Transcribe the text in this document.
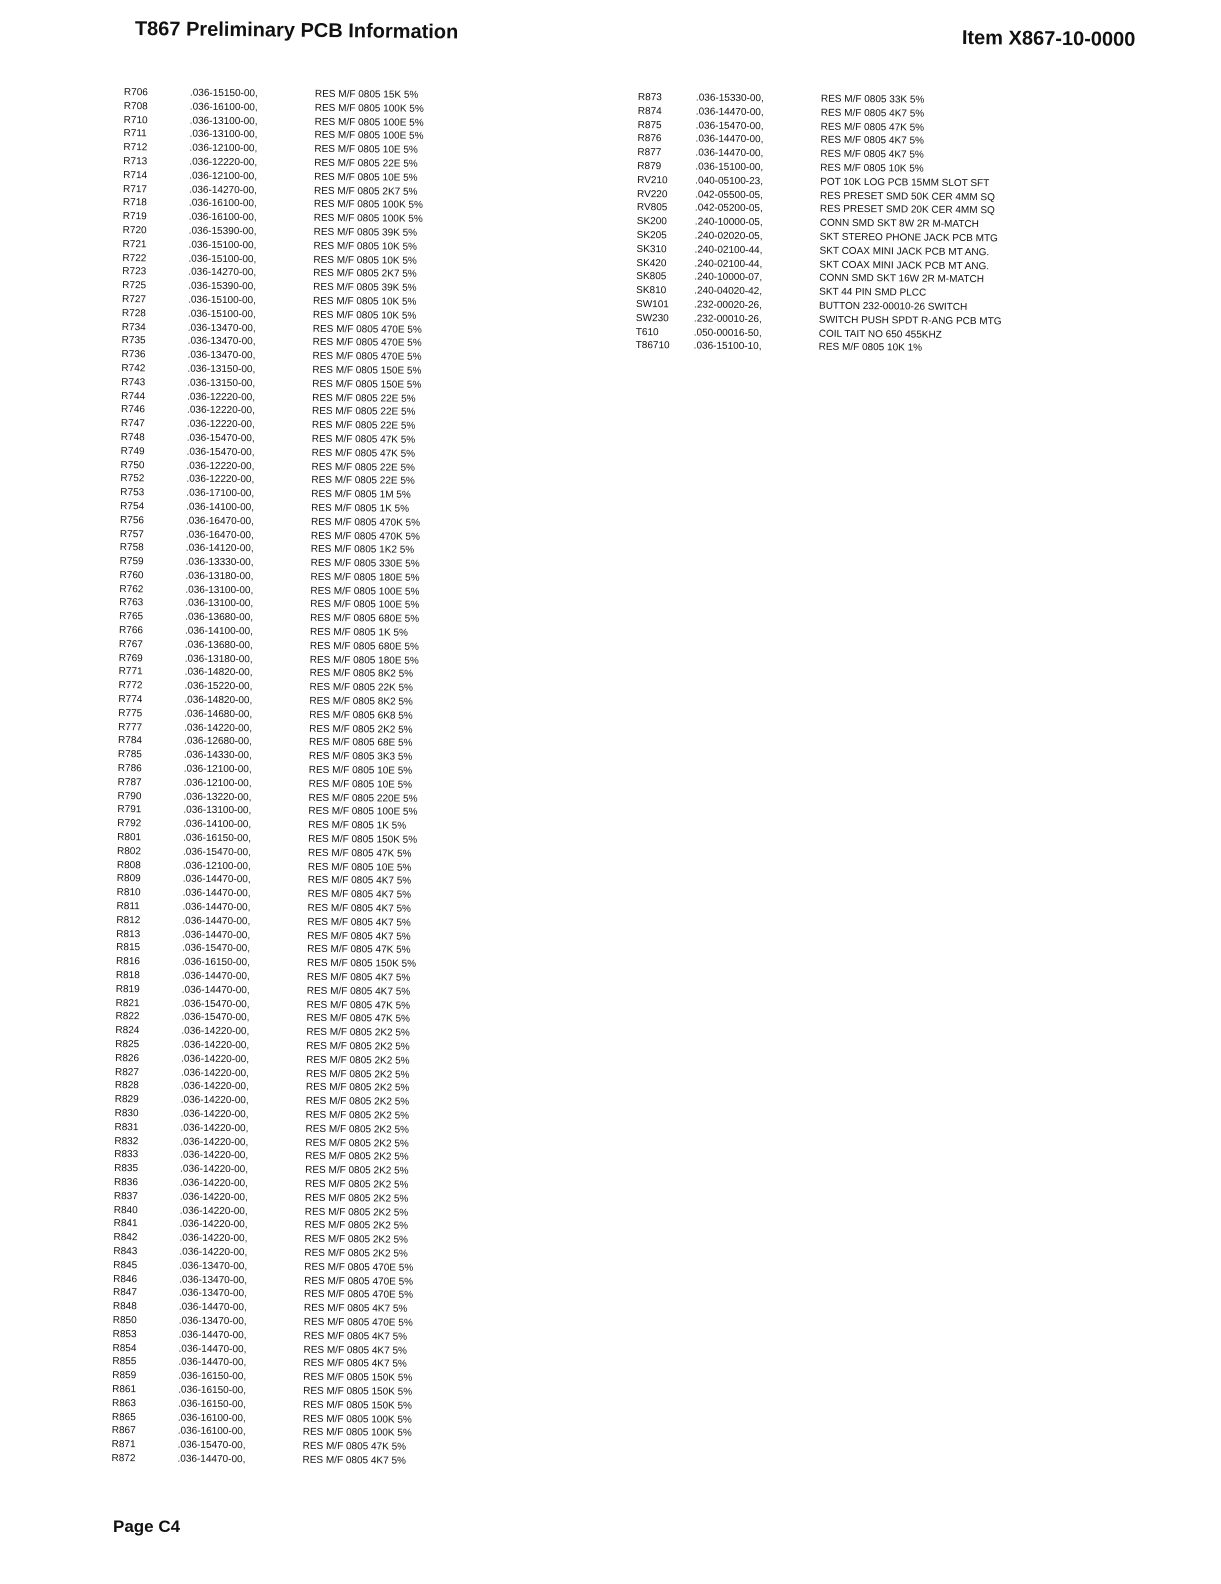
T867 Preliminary PCB Information	Item X867-10-0000
R706	.036-15150-00,	RES M/F 0805 15K 5%
R708	.036-16100-00,	RES M/F 0805 100K 5%
R710	.036-13100-00,	RES M/F 0805 100E 5%
R711	.036-13100-00,	RES M/F 0805 100E 5%
R712	.036-12100-00,	RES M/F 0805 10E 5%
R713	.036-12220-00,	RES M/F 0805 22E 5%
R714	.036-12100-00,	RES M/F 0805 10E 5%
R717	.036-14270-00,	RES M/F 0805 2K7 5%
R718	.036-16100-00,	RES M/F 0805 100K 5%
R719	.036-16100-00,	RES M/F 0805 100K 5%
R720	.036-15390-00,	RES M/F 0805 39K 5%
R721	.036-15100-00,	RES M/F 0805 10K 5%
R722	.036-15100-00,	RES M/F 0805 10K 5%
R723	.036-14270-00,	RES M/F 0805 2K7 5%
R725	.036-15390-00,	RES M/F 0805 39K 5%
R727	.036-15100-00,	RES M/F 0805 10K 5%
R728	.036-15100-00,	RES M/F 0805 10K 5%
R734	.036-13470-00,	RES M/F 0805 470E 5%
R735	.036-13470-00,	RES M/F 0805 470E 5%
R736	.036-13470-00,	RES M/F 0805 470E 5%
R742	.036-13150-00,	RES M/F 0805 150E 5%
R743	.036-13150-00,	RES M/F 0805 150E 5%
R744	.036-12220-00,	RES M/F 0805 22E 5%
R746	.036-12220-00,	RES M/F 0805 22E 5%
R747	.036-12220-00,	RES M/F 0805 22E 5%
R748	.036-15470-00,	RES M/F 0805 47K 5%
R749	.036-15470-00,	RES M/F 0805 47K 5%
R750	.036-12220-00,	RES M/F 0805 22E 5%
R752	.036-12220-00,	RES M/F 0805 22E 5%
R753	.036-17100-00,	RES M/F 0805 1M 5%
R754	.036-14100-00,	RES M/F 0805 1K 5%
R756	.036-16470-00,	RES M/F 0805 470K 5%
R757	.036-16470-00,	RES M/F 0805 470K 5%
R758	.036-14120-00,	RES M/F 0805 1K2 5%
R759	.036-13330-00,	RES M/F 0805 330E 5%
R760	.036-13180-00,	RES M/F 0805 180E 5%
R762	.036-13100-00,	RES M/F 0805 100E 5%
R763	.036-13100-00,	RES M/F 0805 100E 5%
R765	.036-13680-00,	RES M/F 0805 680E 5%
R766	.036-14100-00,	RES M/F 0805 1K 5%
R767	.036-13680-00,	RES M/F 0805 680E 5%
R769	.036-13180-00,	RES M/F 0805 180E 5%
R771	.036-14820-00,	RES M/F 0805 8K2 5%
R772	.036-15220-00,	RES M/F 0805 22K 5%
R774	.036-14820-00,	RES M/F 0805 8K2 5%
R775	.036-14680-00,	RES M/F 0805 6K8 5%
R777	.036-14220-00,	RES M/F 0805 2K2 5%
R784	.036-12680-00,	RES M/F 0805 68E 5%
R785	.036-14330-00,	RES M/F 0805 3K3 5%
R786	.036-12100-00,	RES M/F 0805 10E 5%
R787	.036-12100-00,	RES M/F 0805 10E 5%
R790	.036-13220-00,	RES M/F 0805 220E 5%
R791	.036-13100-00,	RES M/F 0805 100E 5%
R792	.036-14100-00,	RES M/F 0805 1K 5%
R801	.036-16150-00,	RES M/F 0805 150K 5%
R802	.036-15470-00,	RES M/F 0805 47K 5%
R808	.036-12100-00,	RES M/F 0805 10E 5%
R809	.036-14470-00,	RES M/F 0805 4K7 5%
R810	.036-14470-00,	RES M/F 0805 4K7 5%
R811	.036-14470-00,	RES M/F 0805 4K7 5%
R812	.036-14470-00,	RES M/F 0805 4K7 5%
R813	.036-14470-00,	RES M/F 0805 4K7 5%
R815	.036-15470-00,	RES M/F 0805 47K 5%
R816	.036-16150-00,	RES M/F 0805 150K 5%
R818	.036-14470-00,	RES M/F 0805 4K7 5%
R819	.036-14470-00,	RES M/F 0805 4K7 5%
R821	.036-15470-00,	RES M/F 0805 47K 5%
R822	.036-15470-00,	RES M/F 0805 47K 5%
R824	.036-14220-00,	RES M/F 0805 2K2 5%
R825	.036-14220-00,	RES M/F 0805 2K2 5%
R826	.036-14220-00,	RES M/F 0805 2K2 5%
R827	.036-14220-00,	RES M/F 0805 2K2 5%
R828	.036-14220-00,	RES M/F 0805 2K2 5%
R829	.036-14220-00,	RES M/F 0805 2K2 5%
R830	.036-14220-00,	RES M/F 0805 2K2 5%
R831	.036-14220-00,	RES M/F 0805 2K2 5%
R832	.036-14220-00,	RES M/F 0805 2K2 5%
R833	.036-14220-00,	RES M/F 0805 2K2 5%
R835	.036-14220-00,	RES M/F 0805 2K2 5%
R836	.036-14220-00,	RES M/F 0805 2K2 5%
R837	.036-14220-00,	RES M/F 0805 2K2 5%
R840	.036-14220-00,	RES M/F 0805 2K2 5%
R841	.036-14220-00,	RES M/F 0805 2K2 5%
R842	.036-14220-00,	RES M/F 0805 2K2 5%
R843	.036-14220-00,	RES M/F 0805 2K2 5%
R845	.036-13470-00,	RES M/F 0805 470E 5%
R846	.036-13470-00,	RES M/F 0805 470E 5%
R847	.036-13470-00,	RES M/F 0805 470E 5%
R848	.036-14470-00,	RES M/F 0805 4K7 5%
R850	.036-13470-00,	RES M/F 0805 470E 5%
R853	.036-14470-00,	RES M/F 0805 4K7 5%
R854	.036-14470-00,	RES M/F 0805 4K7 5%
R855	.036-14470-00,	RES M/F 0805 4K7 5%
R859	.036-16150-00,	RES M/F 0805 150K 5%
R861	.036-16150-00,	RES M/F 0805 150K 5%
R863	.036-16150-00,	RES M/F 0805 150K 5%
R865	.036-16100-00,	RES M/F 0805 100K 5%
R867	.036-16100-00,	RES M/F 0805 100K 5%
R871	.036-15470-00,	RES M/F 0805 47K 5%
R872	.036-14470-00,	RES M/F 0805 4K7 5%
R873	.036-15330-00,	RES M/F 0805 33K 5%
R874	.036-14470-00,	RES M/F 0805 4K7 5%
R875	.036-15470-00,	RES M/F 0805 47K 5%
R876	.036-14470-00,	RES M/F 0805 4K7 5%
R877	.036-14470-00,	RES M/F 0805 4K7 5%
R879	.036-15100-00,	RES M/F 0805 10K 5%
RV210	.040-05100-23,	POT 10K LOG PCB 15MM SLOT SFT
RV220	.042-05500-05,	RES PRESET SMD 50K CER 4MM SQ
RV805	.042-05200-05,	RES PRESET SMD 20K CER 4MM SQ
SK200	.240-10000-05,	CONN SMD SKT 8W 2R M-MATCH
SK205	.240-02020-05,	SKT STEREO PHONE JACK PCB MTG
SK310	.240-02100-44,	SKT COAX MINI JACK PCB MT ANG.
SK420	.240-02100-44,	SKT COAX MINI JACK PCB MT ANG.
SK805	.240-10000-07,	CONN SMD SKT 16W 2R M-MATCH
SK810	.240-04020-42,	SKT 44 PIN SMD PLCC
SW101	.232-00020-26,	BUTTON 232-00010-26 SWITCH
SW230	.232-00010-26,	SWITCH PUSH SPDT R-ANG PCB MTG
T610	.050-00016-50,	COIL TAIT NO 650 455KHZ
T86710 .036-15100-10,	RES M/F 0805 10K 1%
Page C4
